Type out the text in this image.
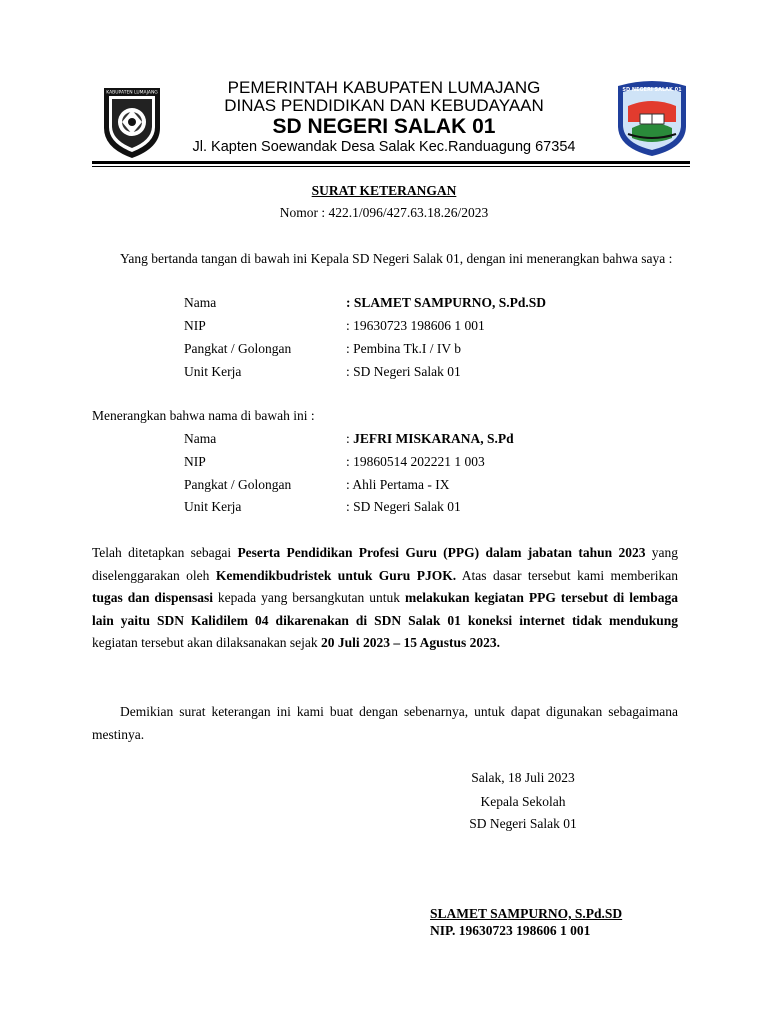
KABUPATEN LUMAJANG	SD NEGERI SALAK 01
PEMERINTAH KABUPATEN LUMAJANG
DINAS PENDIDIKAN DAN KEBUDAYAAN
SD NEGERI SALAK 01
Jl. Kapten Soewandak Desa Salak Kec.Randuagung 67354
SURAT KETERANGAN
Nomor : 422.1/096/427.63.18.26/2023
Yang bertanda tangan di bawah ini Kepala SD Negeri Salak 01, dengan ini menerangkan bahwa saya :
Nama	: SLAMET SAMPURNO, S.Pd.SD
NIP	: 19630723 198606 1 001
Pangkat / Golongan	: Pembina Tk.I / IV b
Unit Kerja	: SD Negeri Salak 01
Menerangkan bahwa nama di bawah ini :
Nama	: JEFRI MISKARANA, S.Pd
NIP	: 19860514 202221 1 003
Pangkat / Golongan	: Ahli Pertama - IX
Unit Kerja	: SD Negeri Salak 01
Telah ditetapkan sebagai Peserta Pendidikan Profesi Guru (PPG) dalam jabatan tahun 2023 yang diselenggarakan oleh Kemendikbudristek untuk Guru PJOK. Atas dasar tersebut kami memberikan tugas dan dispensasi kepada yang bersangkutan untuk melakukan kegiatan PPG tersebut di lembaga lain yaitu SDN Kalidilem 04 dikarenakan di SDN Salak 01 koneksi internet tidak mendukung kegiatan tersebut akan dilaksanakan sejak 20 Juli 2023 – 15 Agustus 2023.
Demikian surat keterangan ini kami buat dengan sebenarnya, untuk dapat digunakan sebagaimana mestinya.
Salak, 18 Juli 2023
Kepala Sekolah
SD Negeri Salak 01
SLAMET SAMPURNO, S.Pd.SD
NIP. 19630723 198606 1 001
